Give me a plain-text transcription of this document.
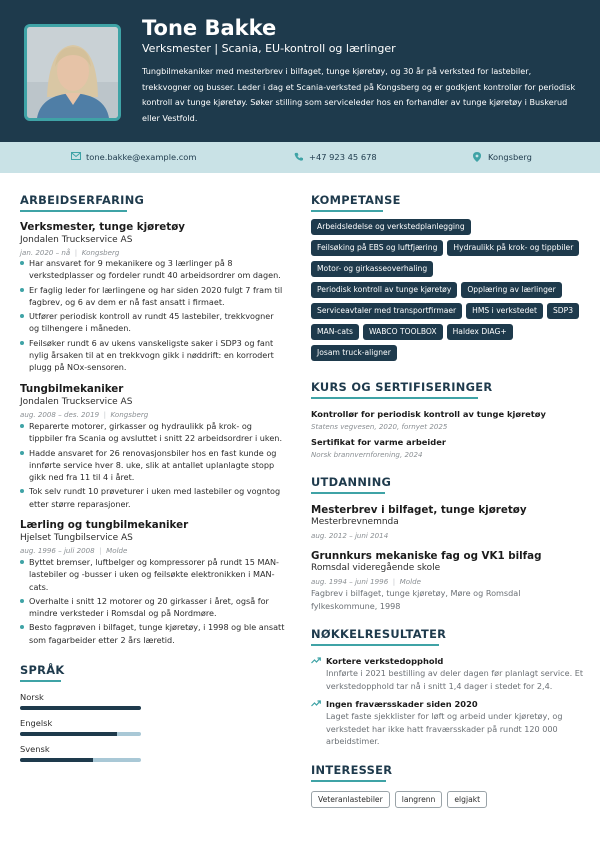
Tone Bakke
Verksmester | Scania, EU-kontroll og lærlinger
Tungbilmekaniker med mesterbrev i bilfaget, tunge kjøretøy, og 30 år på verksted for lastebiler, trekkvogner og busser. Leder i dag et Scania-verksted på Kongsberg og er godkjent kontrollør for periodisk kontroll av tunge kjøretøy. Søker stilling som serviceleder hos en forhandler av tunge kjøretøy i Buskerud eller Vestfold.
tone.bakke@example.com	+47 923 45 678	Kongsberg
ARBEIDSERFARING
Verksmester, tunge kjøretøy
Jondalen Truckservice AS
jan. 2020 – nå  |  Kongsberg
Har ansvaret for 9 mekanikere og 3 lærlinger på 8 verkstedplasser og fordeler rundt 40 arbeidsordrer om dagen.
Er faglig leder for lærlingene og har siden 2020 fulgt 7 fram til fagbrev, og 6 av dem er nå fast ansatt i firmaet.
Utfører periodisk kontroll av rundt 45 lastebiler, trekkvogner og tilhengere i måneden.
Feilsøker rundt 6 av ukens vanskeligste saker i SDP3 og fant nylig årsaken til at en trekkvogn gikk i nøddrift: en korrodert plugg på NOx-sensoren.
Tungbilmekaniker
Jondalen Truckservice AS
aug. 2008 – des. 2019  |  Kongsberg
Reparerte motorer, girkasser og hydraulikk på krok- og tippbiler fra Scania og avsluttet i snitt 22 arbeidsordrer i uken.
Hadde ansvaret for 26 renovasjonsbiler hos en fast kunde og innførte service hver 8. uke, slik at antallet uplanlagte stopp gikk ned fra 11 til 4 i året.
Tok selv rundt 10 prøveturer i uken med lastebiler og vogntog etter større reparasjoner.
Lærling og tungbilmekaniker
Hjelset Tungbilservice AS
aug. 1996 – juli 2008  |  Molde
Byttet bremser, luftbelger og kompressorer på rundt 15 MAN-lastebiler og -busser i uken og feilsøkte elektronikken i MAN-cats.
Overhalte i snitt 12 motorer og 20 girkasser i året, også for mindre verksteder i Romsdal og på Nordmøre.
Besto fagprøven i bilfaget, tunge kjøretøy, i 1998 og ble ansatt som fagarbeider etter 2 års læretid.
SPRÅK
Norsk
Engelsk
Svensk
KOMPETANSE
Arbeidsledelse og verkstedplanlegging
Feilsøking på EBS og luftfjæring	Hydraulikk på krok- og tippbiler
Motor- og girkasseoverhaling
Periodisk kontroll av tunge kjøretøy	Opplæring av lærlinger
Serviceavtaler med transportfirmaer	HMS i verkstedet	SDP3
MAN-cats	WABCO TOOLBOX	Haldex DIAG+
Josam truck-aligner
KURS OG SERTIFISERINGER
Kontrollør for periodisk kontroll av tunge kjøretøy
Statens vegvesen, 2020, fornyet 2025
Sertifikat for varme arbeider
Norsk brannvernforening, 2024
UTDANNING
Mesterbrev i bilfaget, tunge kjøretøy
Mesterbrevnemnda
aug. 2012 – juni 2014
Grunnkurs mekaniske fag og VK1 bilfag
Romsdal videregående skole
aug. 1994 – juni 1996  |  Molde
Fagbrev i bilfaget, tunge kjøretøy, Møre og Romsdal fylkeskommune, 1998
NØKKELRESULTATER
Kortere verkstedopphold
Innførte i 2021 bestilling av deler dagen før planlagt service. Et verkstedopphold tar nå i snitt 1,4 dager i stedet for 2,4.
Ingen fraværsskader siden 2020
Laget faste sjekklister for løft og arbeid under kjøretøy, og verkstedet har ikke hatt fraværsskader på rundt 120 000 arbeidstimer.
INTERESSER
Veteranlastebiler	langrenn	elgjakt
